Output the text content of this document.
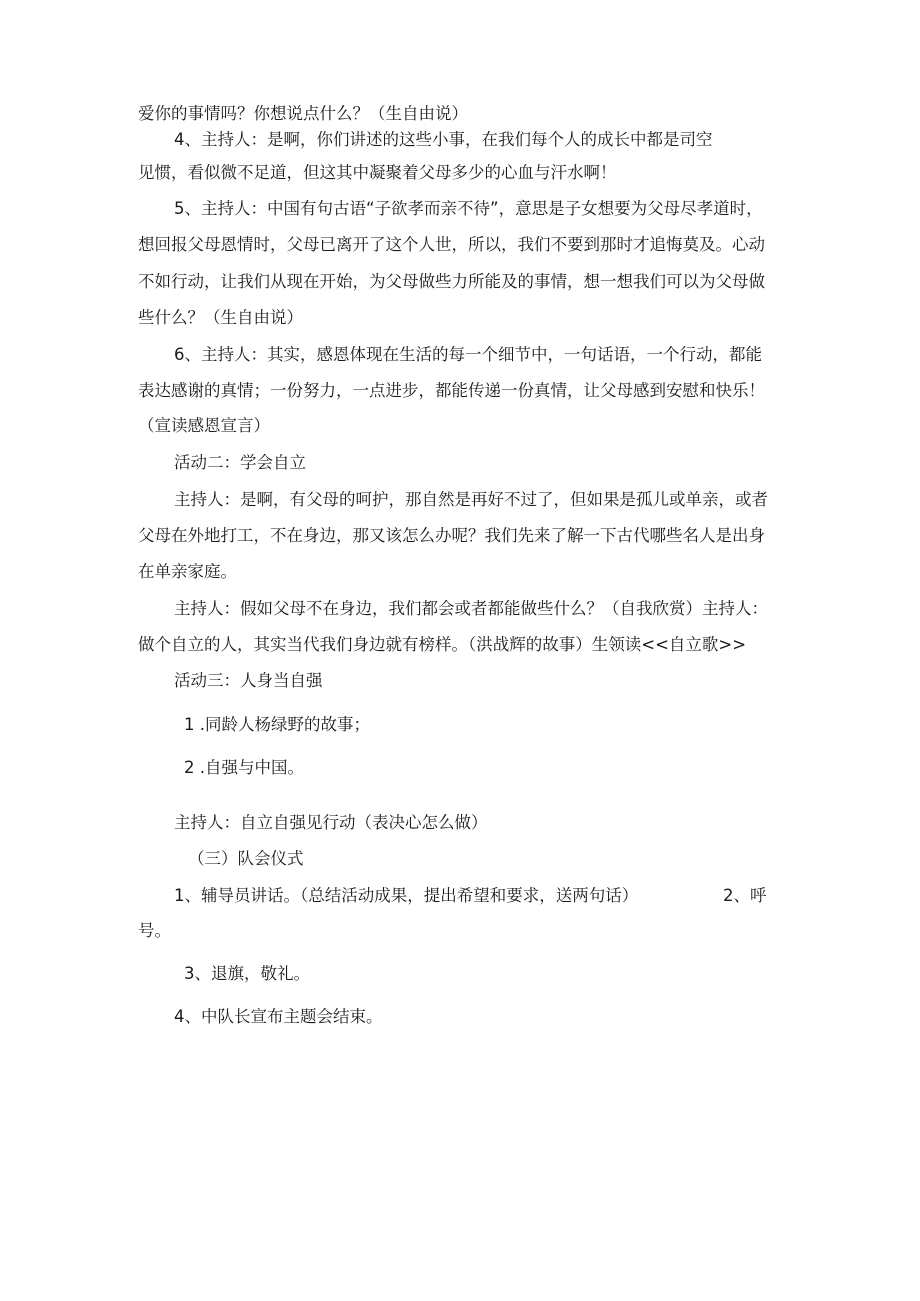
爱你的事情吗？你想说点什么？（生自由说）
4、主持人：是啊，你们讲述的这些小事，在我们每个人的成长中都是司空
见惯，看似微不足道，但这其中凝聚着父母多少的心血与汗水啊！
5、主持人：中国有句古语“子欲孝而亲不待”，意思是子女想要为父母尽孝道时，
想回报父母恩情时，父母已离开了这个人世，所以，我们不要到那时才追悔莫及。心动
不如行动，让我们从现在开始，为父母做些力所能及的事情，想一想我们可以为父母做
些什么？（生自由说）
6、主持人：其实，感恩体现在生活的每一个细节中，一句话语，一个行动，都能
表达感谢的真情；一份努力，一点进步，都能传递一份真情，让父母感到安慰和快乐！
（宣读感恩宣言）
活动二：学会自立
主持人：是啊，有父母的呵护，那自然是再好不过了，但如果是孤儿或单亲，或者
父母在外地打工，不在身边，那又该怎么办呢？我们先来了解一下古代哪些名人是出身
在单亲家庭。
主持人：假如父母不在身边，我们都会或者都能做些什么？（自我欣赏）主持人：
做个自立的人，其实当代我们身边就有榜样。（洪战辉的故事）生领读<<自立歌>>
活动三：人身当自强
1 .同龄人杨绿野的故事；
2 .自强与中国。
主持人：自立自强见行动（表决心怎么做）
（三）队会仪式
1、辅导员讲话。（总结活动成果，提出希望和要求，送两句话）	2、呼
号。
3、退旗，敬礼。
4、中队长宣布主题会结束。
